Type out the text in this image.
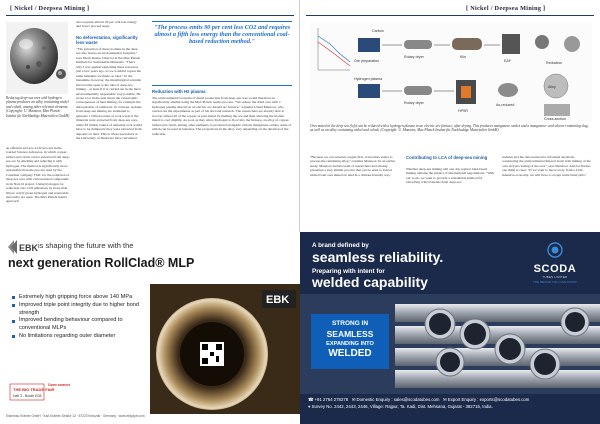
[ Nickel / Deepsea Mining ]
Reducing deep-sea ores with hydrogen plasma produces an alloy containing nickel and cobalt, among other relevant elements. (Copyright: U. Manzoor, Max Planck Institut für Nachhaltige Materialien GmbH)
an efficient and low-CO2 process in the journal Science Advances, in which copper, nickel and cobalt can be extracted from deep-sea ore by smelting and reducing it with hydrogen. The method is significantly more sustainable than the process used by the Canadian company TMC for the reduction of deep-sea ores with carbon-based compounds in its Nori-D project. Using hydrogen for reduction cuts CO2 emissions by more than 90 per cent if green hydrogen and renewable electricity are used. The Max Planck team's approach
also requires almost 20 per cent less energy and fewer process steps.
No deforestation, significantly less waste
"The extraction of these nodules in the deep sea also leaves an environmental footprint," says Dierk Raabe, Director at the Max Planck Institute for Sustainable Materials. "That's why I was against exploiting these resources just a few years ago, as we wouldn't repeat the same mistakes we made on land." In the meantime, however, the metallurgical scientist has become open to the idea of deep-sea mining – at least if it is carried out in the most environmentally responsible way possible. He wrote a lot in the past about the catastrophic consequences of land mining, for example the deforestation of rainforest. In contrast, nodules from deep-sea mining are estimated to generate 1 billion tonnes of rock waste if the minerals were extracted from deep-sea ores, while 63 billion tonnes of unusable rock would have to be dumped if they were extracted from deposits on land. This is what researchers at the University of Delaware have calculated.
"The process emits 90 per cent less CO2 and requires almost a fifth less energy than the conventional coal-based reduction method."
Reduction with H2 plasma
The environmental footprint of metal production from deep-sea ores would therefore be significantly smaller using the Max Planck team's process. "We reduce the dried ores with a hydrogen plasma directly in an electric arc-heated arc furnace," explains Ubaid Manzoor, who carried out the experiments as part of his doctoral research. The researchers are already able to recover almost all of the copper as pure metal by melting the ore and then allowing the molten metal to cool slightly. As soon as they allow hydrogen to flow into the furnace, an alloy of copper, nickel and cobalt, among other elements, is produced alongside various manganese oxides, some of which can be used in batteries. The proportions in the alloy vary depending on the duration of the reduction.
EBK is shaping the future with the
next generation RollClad® MLP
Extremely high gripping force above 140 MPa
Improved triple point integrity due to higher bond strength
Improved bending behaviour compared to conventional MLPs
No limitations regarding outer diameter
THE BIG TRADE FAIR
Hall 3 - Booth E08
Come connect
EBK
Eisenbau Krämer GmbH · Karl-Krämer-Straße 12 · 57223 Kreuztal · Germany · www.ebkpipe.com
[ Nickel / Deepsea Mining ]
Carbon
Ore preparation
Rotary dryer	Kiln
EAF	Reduction
Hydrogen plasma
Rotary dryer
HPSR
As-reduced
Alloy
Cross-section
Ores mined in the deep sea (left) can be reduced with a hydrogen plasma in an electric arc furnace, after drying. This produces manganese oxides and a manganese- and silicon-containing slag, as well as an alloy containing nickel and cobalt. (Copyright: U. Manzoor, Max Planck Institut für Nachhaltige Materialien GmbH)
"Because we can separate copper first, it becomes easier to process the remaining alloy," explains Manzoor. In an earlier study, Manzoor and his team of researchers had already presented a very similar process that can be used to extract nickel from ores mined on land in a climate-friendly way.
Contributing to LCA of deep-sea mining
Whether deep-sea mining will one day replace land-based mining remains the subject of international negotiations. "With our work, we want to provide a sustainable method for extracting critical metals from deep-sea
nodules and the data needed for informed decisions, considering the environmental impacts from both mining of the ores and processing of the ores", says Manzoor. And for Raabe, one thing is clear: "If we want to move away from a CO2-intensive economy, we will have to accept some bitter pills."
A brand defined by
seamless reliability.
Preparing with intent for
welded capability
SCODA
TUBES LIMITED
THE BRAND YOU CAN TRUST
STRONG IN
SEAMLESS
EXPANDING INTO
WELDED
☎ +91 2764 278278 ✉ Domestic Enquiry : sales@scodatubes.com ✉ Export Enquiry : exports@scodatubes.com
⌖ Survey No. 2442, 2443, 2446, Village: Rajpur, Ta. Kadi, Dist. Mehsana, Gujarat - 382715, India.
